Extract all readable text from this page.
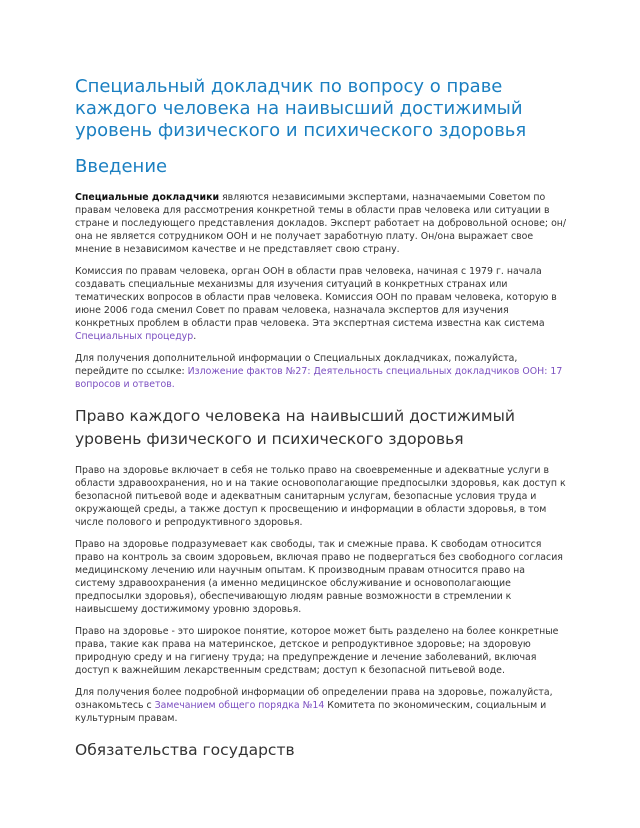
Специальный докладчик по вопросу о праве каждого человека на наивысший достижимый уровень физического и психического здоровья
Введение

Специальные докладчики являются независимыми экспертами, назначаемыми Советом по правам человека для рассмотрения конкретной темы в области прав человека или ситуации в стране и последующего представления докладов. Эксперт работает на добровольной основе; он/она не является сотрудником ООН и не получает заработную плату. Он/она выражает свое мнение в независимом качестве и не представляет свою страну.

Комиссия по правам человека, орган ООН в области прав человека, начиная с 1979 г. начала создавать специальные механизмы для изучения ситуаций в конкретных странах или тематических вопросов в области прав человека. Комиссия ООН по правам человека, которую в июне 2006 года сменил Совет по правам человека, назначала экспертов для изучения конкретных проблем в области прав человека. Эта экспертная система известна как система Специальных процедур.

Для получения дополнительной информации о Специальных докладчиках, пожалуйста, перейдите по ссылке: Изложение фактов №27: Деятельность специальных докладчиков ООН: 17 вопросов и ответов.

Право каждого человека на наивысший достижимый уровень физического и психического здоровья

Право на здоровье включает в себя не только право на своевременные и адекватные услуги в области здравоохранения, но и на такие основополагающие предпосылки здоровья, как доступ к безопасной питьевой воде и адекватным санитарным услугам, безопасные условия труда и окружающей среды, а также доступ к просвещению и информации в области здоровья, в том числе полового и репродуктивного здоровья.

Право на здоровье подразумевает как свободы, так и смежные права. К свободам относится право на контроль за своим здоровьем, включая право не подвергаться без свободного согласия медицинскому лечению или научным опытам. К производным правам относится право на систему здравоохранения (а именно медицинское обслуживание и основополагающие предпосылки здоровья), обеспечивающую людям равные возможности в стремлении к наивысшему достижимому уровню здоровья.

Право на здоровье - это широкое понятие, которое может быть разделено на более конкретные права, такие как права на материнское, детское и репродуктивное здоровье; на здоровую природную среду и на гигиену труда; на предупреждение и лечение заболеваний, включая доступ к важнейшим лекарственным средствам; доступ к безопасной питьевой воде.

Для получения более подробной информации об определении права на здоровье, пожалуйста, ознакомьтесь с Замечанием общего порядка №14 Комитета по экономическим, социальным и культурным правам.

Обязательства государств
